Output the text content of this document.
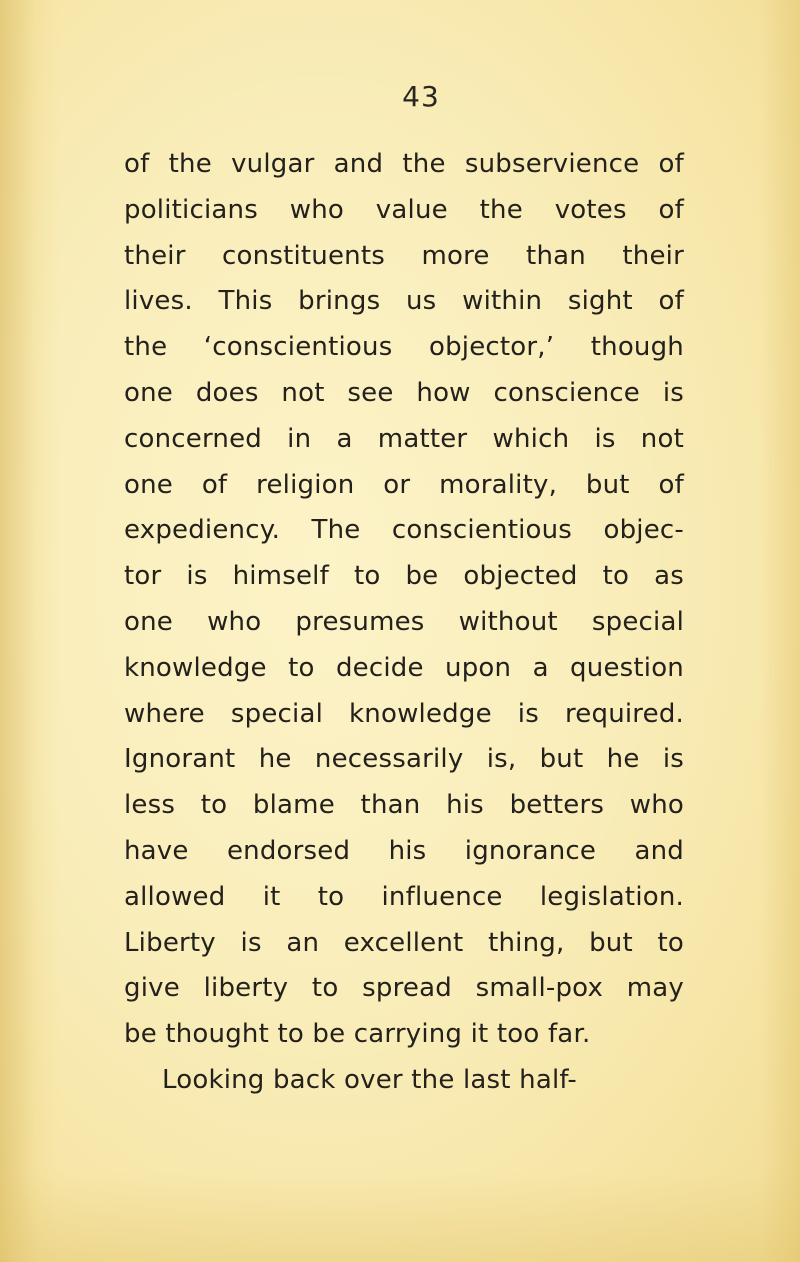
43
of the vulgar and the subservience of
politicians who value the votes of
their constituents more than their
lives. This brings us within sight of
the ‘conscientious objector,’ though
one does not see how conscience is
concerned in a matter which is not
one of religion or morality, but of
expediency. The conscientious objec-
tor is himself to be objected to as
one who presumes without special
knowledge to decide upon a question
where special knowledge is required.
Ignorant he necessarily is, but he is
less to blame than his betters who
have endorsed his ignorance and
allowed it to influence legislation.
Liberty is an excellent thing, but to
give liberty to spread small-pox may
be thought to be carrying it too far.
Looking back over the last half-
